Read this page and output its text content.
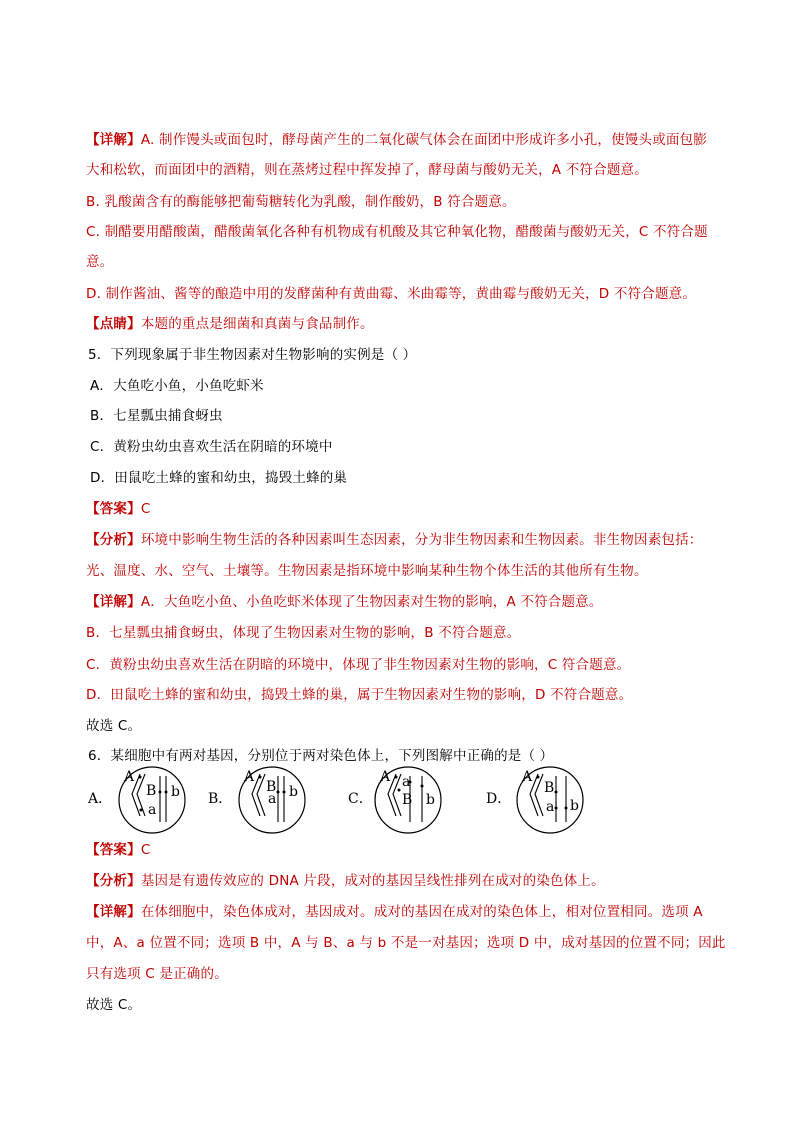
【详解】A. 制作馒头或面包时，酵母菌产生的二氧化碳气体会在面团中形成许多小孔，使馒头或面包膨
大和松软，而面团中的酒精，则在蒸烤过程中挥发掉了，酵母菌与酸奶无关，A 不符合题意。
B. 乳酸菌含有的酶能够把葡萄糖转化为乳酸，制作酸奶，B 符合题意。
C. 制醋要用醋酸菌，醋酸菌氧化各种有机物成有机酸及其它种氧化物，醋酸菌与酸奶无关，C 不符合题
意。
D. 制作酱油、酱等的酿造中用的发酵菌种有黄曲霉、米曲霉等，黄曲霉与酸奶无关，D 不符合题意。
【点睛】本题的重点是细菌和真菌与食品制作。
5．下列现象属于非生物因素对生物影响的实例是（ ）
A．大鱼吃小鱼，小鱼吃虾米
B．七星瓢虫捕食蚜虫
C．黄粉虫幼虫喜欢生活在阴暗的环境中
D．田鼠吃土蜂的蜜和幼虫，捣毁土蜂的巢
【答案】C
【分析】环境中影响生物生活的各种因素叫生态因素，分为非生物因素和生物因素。非生物因素包括：
光、温度、水、空气、土壤等。生物因素是指环境中影响某种生物个体生活的其他所有生物。
【详解】A．大鱼吃小鱼、小鱼吃虾米体现了生物因素对生物的影响，A 不符合题意。
B．七星瓢虫捕食蚜虫，体现了生物因素对生物的影响，B 不符合题意。
C．黄粉虫幼虫喜欢生活在阴暗的环境中，体现了非生物因素对生物的影响，C 符合题意。
D．田鼠吃土蜂的蜜和幼虫，捣毁土蜂的巢，属于生物因素对生物的影响，D 不符合题意。
故选 C。
6．某细胞中有两对基因，分别位于两对染色体上，下列图解中正确的是（ ）
A．
A
B
a
b B．
A
B
a b	C．
A a
B b	D．
A
B
a b
【答案】C
【分析】基因是有遗传效应的 DNA 片段，成对的基因呈线性排列在成对的染色体上。
【详解】在体细胞中，染色体成对，基因成对。成对的基因在成对的染色体上，相对位置相同。选项 A
中，A、a 位置不同；选项 B 中，A 与 B、a 与 b 不是一对基因；选项 D 中，成对基因的位置不同；因此
只有选项 C 是正确的。
故选 C。
